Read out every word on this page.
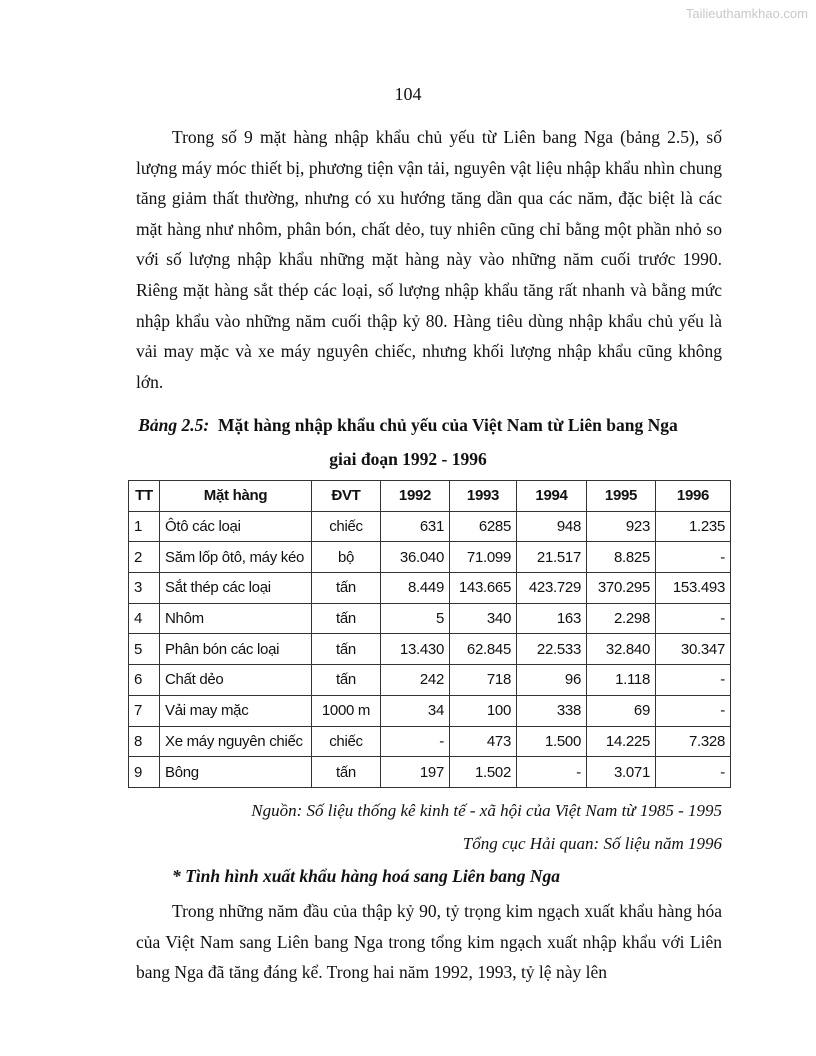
Tailieuthamkhao.com
104

Trong số 9 mặt hàng nhập khẩu chủ yếu từ Liên bang Nga (bảng 2.5), số lượng máy móc thiết bị, phương tiện vận tải, nguyên vật liệu nhập khẩu nhìn chung tăng giảm thất thường, nhưng có xu hướng tăng dần qua các năm, đặc biệt là các mặt hàng như nhôm, phân bón, chất dẻo, tuy nhiên cũng chỉ bằng một phần nhỏ so với số lượng nhập khẩu những mặt hàng này vào những năm cuối trước 1990. Riêng mặt hàng sắt thép các loại, số lượng nhập khẩu tăng rất nhanh và bằng mức nhập khẩu vào những năm cuối thập kỷ 80. Hàng tiêu dùng nhập khẩu chủ yếu là vải may mặc và xe máy nguyên chiếc, nhưng khối lượng nhập khẩu cũng không lớn.

Bảng 2.5: Mặt hàng nhập khẩu chủ yếu của Việt Nam từ Liên bang Nga
giai đoạn 1992 - 1996
TT	Mặt hàng	ĐVT	1992	1993	1994	1995	1996
1	Ôtô các loại	chiếc	631	6285	948	923	1.235
2	Săm lốp ôtô, máy kéo	bộ	36.040	71.099	21.517	8.825	-
3	Sắt thép các loại	tấn	8.449	143.665	423.729	370.295	153.493
4	Nhôm	tấn	5	340	163	2.298	-
5	Phân bón các loại	tấn	13.430	62.845	22.533	32.840	30.347
6	Chất dẻo	tấn	242	718	96	1.118	-
7	Vải may mặc	1000 m	34	100	338	69	-
8	Xe máy nguyên chiếc	chiếc	-	473	1.500	14.225	7.328
9	Bông	tấn	197	1.502	-	3.071	-
Nguồn: Số liệu thống kê kinh tế - xã hội của Việt Nam từ 1985 - 1995
Tổng cục Hải quan: Số liệu năm 1996
* Tình hình xuất khẩu hàng hoá sang Liên bang Nga

Trong những năm đầu của thập kỷ 90, tỷ trọng kim ngạch xuất khẩu hàng hóa của Việt Nam sang Liên bang Nga trong tổng kim ngạch xuất nhập khẩu với Liên bang Nga đã tăng đáng kể. Trong hai năm 1992, 1993, tỷ lệ này lên
